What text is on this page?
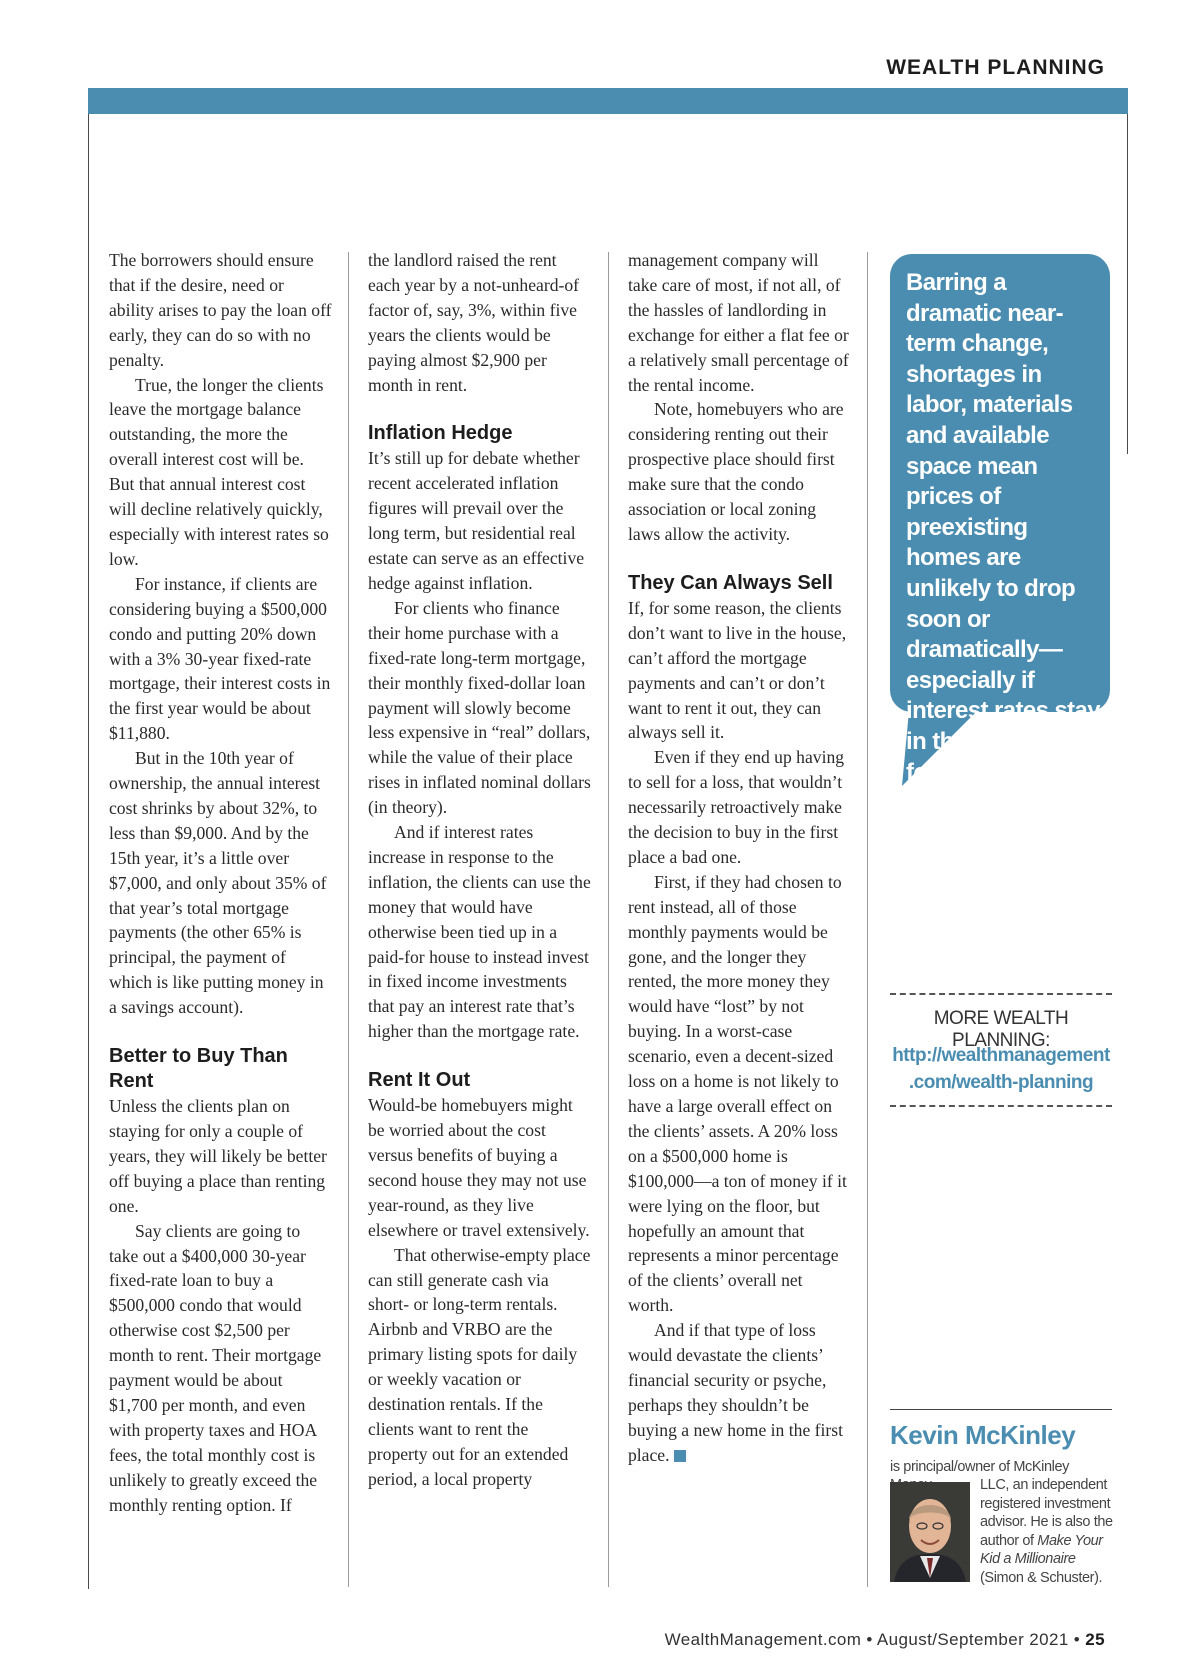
WEALTH PLANNING

The borrowers should ensure that if the desire, need or ability arises to pay the loan off early, they can do so with no penalty.

True, the longer the clients leave the mortgage balance outstanding, the more the overall interest cost will be. But that annual interest cost will decline relatively quickly, especially with interest rates so low.

For instance, if clients are considering buying a $500,000 condo and putting 20% down with a 3% 30-year fixed-rate mortgage, their interest costs in the first year would be about $11,880.

But in the 10th year of ownership, the annual interest cost shrinks by about 32%, to less than $9,000. And by the 15th year, it’s a little over $7,000, and only about 35% of that year’s total mortgage payments (the other 65% is principal, the payment of which is like putting money in a savings account).

Better to Buy Than Rent

Unless the clients plan on staying for only a couple of years, they will likely be better off buying a place than renting one.

Say clients are going to take out a $400,000 30-year fixed-rate loan to buy a $500,000 condo that would otherwise cost $2,500 per month to rent. Their mortgage payment would be about $1,700 per month, and even with property taxes and HOA fees, the total monthly cost is unlikely to greatly exceed the monthly renting option. If

the landlord raised the rent each year by a not-unheard-of factor of, say, 3%, within five years the clients would be paying almost $2,900 per month in rent.

Inflation Hedge

It’s still up for debate whether recent accelerated inflation figures will prevail over the long term, but residential real estate can serve as an effective hedge against inflation.

For clients who finance their home purchase with a fixed-rate long-term mortgage, their monthly fixed-dollar loan payment will slowly become less expensive in “real” dollars, while the value of their place rises in inflated nominal dollars (in theory).

And if interest rates increase in response to the inflation, the clients can use the money that would have otherwise been tied up in a paid-for house to instead invest in fixed income investments that pay an interest rate that’s higher than the mortgage rate.

Rent It Out

Would-be homebuyers might be worried about the cost versus benefits of buying a second house they may not use year-round, as they live elsewhere or travel extensively.

That otherwise-empty place can still generate cash via short- or long-term rentals. Airbnb and VRBO are the primary listing spots for daily or weekly vacation or destination rentals. If the clients want to rent the property out for an extended period, a local property

management company will take care of most, if not all, of the hassles of landlording in exchange for either a flat fee or a relatively small percentage of the rental income.

Note, homebuyers who are considering renting out their prospective place should first make sure that the condo association or local zoning laws allow the activity.

They Can Always Sell

If, for some reason, the clients don’t want to live in the house, can’t afford the mortgage payments and can’t or don’t want to rent it out, they can always sell it.

Even if they end up having to sell for a loss, that wouldn’t necessarily retroactively make the decision to buy in the first place a bad one.

First, if they had chosen to rent instead, all of those monthly payments would be gone, and the longer they rented, the more money they would have “lost” by not buying. In a worst-case scenario, even a decent-sized loss on a home is not likely to have a large overall effect on the clients’ assets. A 20% loss on a $500,000 home is $100,000—a ton of money if it were lying on the floor, but hopefully an amount that represents a minor percentage of the clients’ overall net worth.

And if that type of loss would devastate the clients’ financial security or psyche, perhaps they shouldn’t be buying a new home in the first place.

Barring a dramatic near-term change, shortages in labor, materials and available space mean prices of preexisting homes are unlikely to drop soon or dramatically—especially if interest rates stay in the 3% range for a 30-year mortgage.
MORE WEALTH PLANNING:
http://wealthmanagement
.com/wealth-planning
Kevin McKinley
is principal/owner of McKinley
LLC, an independent registered investment advisor. He is also the author of Make Your Kid a Millionaire (Simon & Schuster).
WealthManagement.com • August/September 2021 • 25
